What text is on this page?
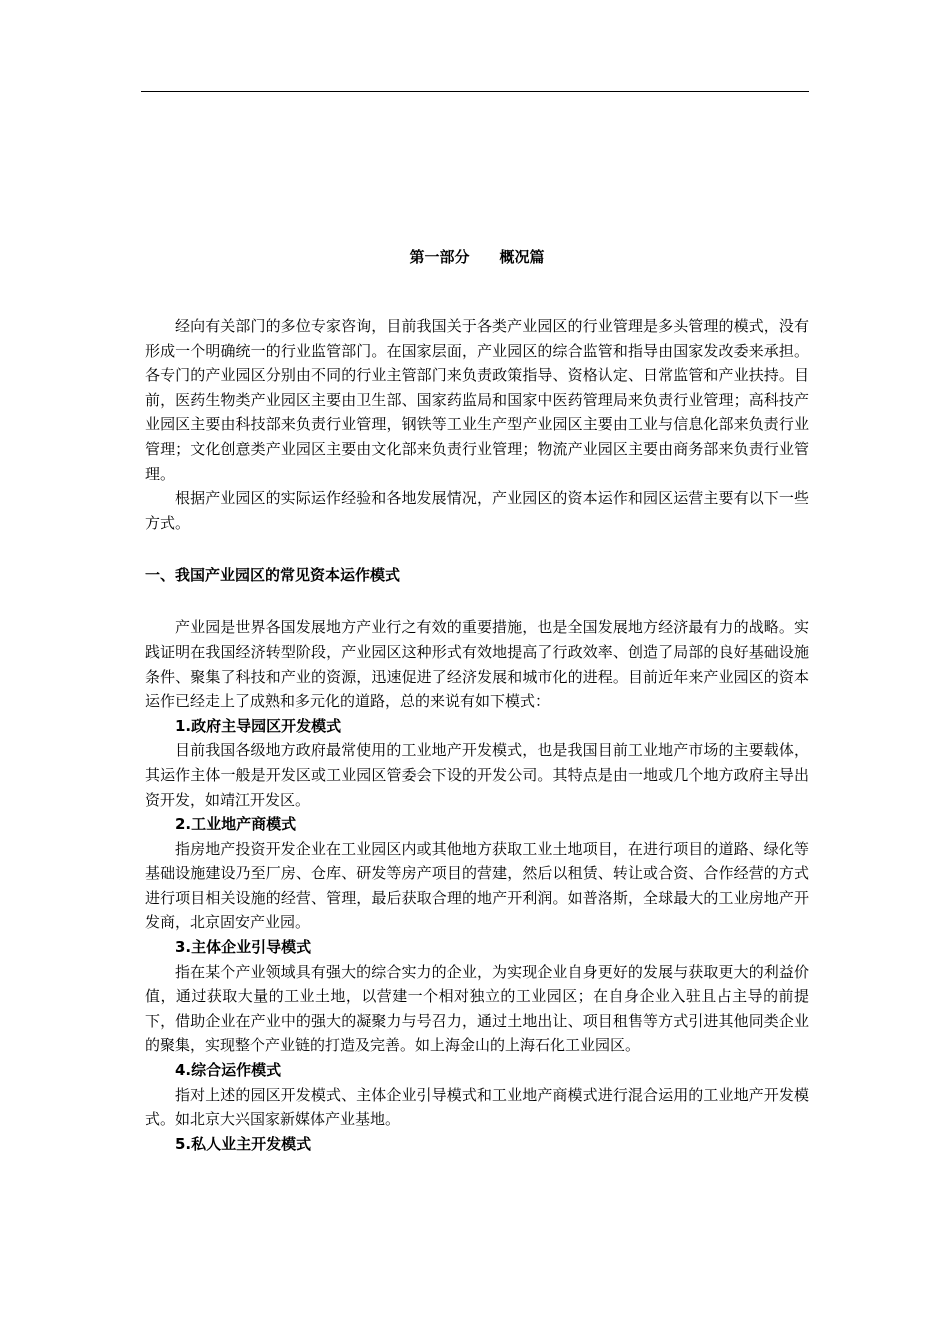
第一部分　　概况篇

经向有关部门的多位专家咨询，目前我国关于各类产业园区的行业管理是多头管理的模式，没有形成一个明确统一的行业监管部门。在国家层面，产业园区的综合监管和指导由国家发改委来承担。各专门的产业园区分别由不同的行业主管部门来负责政策指导、资格认定、日常监管和产业扶持。目前，医药生物类产业园区主要由卫生部、国家药监局和国家中医药管理局来负责行业管理；高科技产业园区主要由科技部来负责行业管理，钢铁等工业生产型产业园区主要由工业与信息化部来负责行业管理；文化创意类产业园区主要由文化部来负责行业管理；物流产业园区主要由商务部来负责行业管理。

根据产业园区的实际运作经验和各地发展情况，产业园区的资本运作和园区运营主要有以下一些方式。

一、我国产业园区的常见资本运作模式

产业园是世界各国发展地方产业行之有效的重要措施，也是全国发展地方经济最有力的战略。实践证明在我国经济转型阶段，产业园区这种形式有效地提高了行政效率、创造了局部的良好基础设施条件、聚集了科技和产业的资源，迅速促进了经济发展和城市化的进程。目前近年来产业园区的资本运作已经走上了成熟和多元化的道路，总的来说有如下模式：

1.政府主导园区开发模式

目前我国各级地方政府最常使用的工业地产开发模式，也是我国目前工业地产市场的主要载体，其运作主体一般是开发区或工业园区管委会下设的开发公司。其特点是由一地或几个地方政府主导出资开发，如靖江开发区。

2.工业地产商模式

指房地产投资开发企业在工业园区内或其他地方获取工业土地项目，在进行项目的道路、绿化等基础设施建设乃至厂房、仓库、研发等房产项目的营建，然后以租赁、转让或合资、合作经营的方式进行项目相关设施的经营、管理，最后获取合理的地产开利润。如普洛斯，全球最大的工业房地产开发商，北京固安产业园。

3.主体企业引导模式

指在某个产业领域具有强大的综合实力的企业，为实现企业自身更好的发展与获取更大的利益价值，通过获取大量的工业土地，以营建一个相对独立的工业园区；在自身企业入驻且占主导的前提下，借助企业在产业中的强大的凝聚力与号召力，通过土地出让、项目租售等方式引进其他同类企业的聚集，实现整个产业链的打造及完善。如上海金山的上海石化工业园区。

4.综合运作模式

指对上述的园区开发模式、主体企业引导模式和工业地产商模式进行混合运用的工业地产开发模式。如北京大兴国家新媒体产业基地。

5.私人业主开发模式
